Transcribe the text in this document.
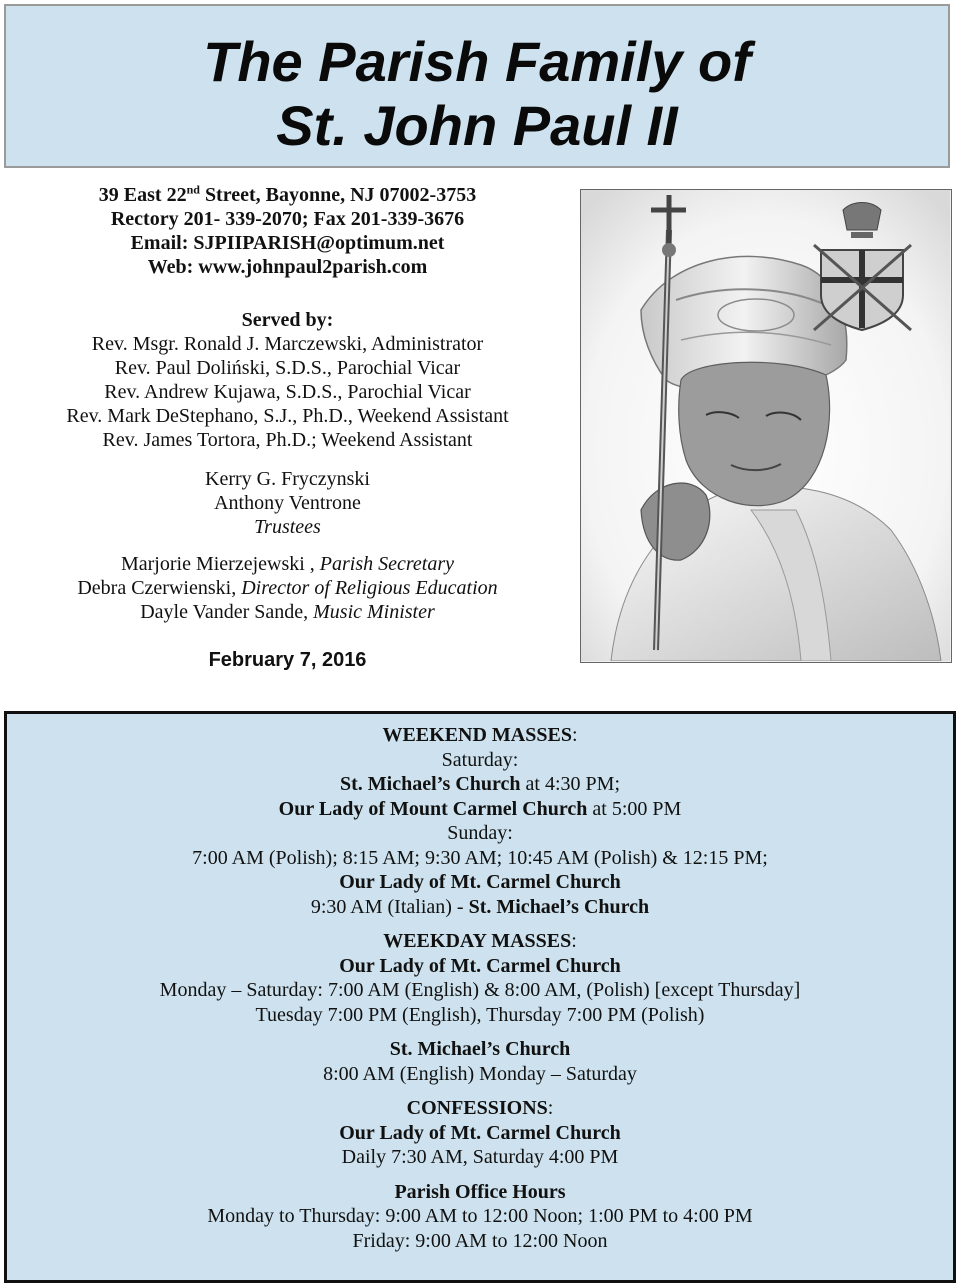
The Parish Family of
St. John Paul II
39 East 22nd Street, Bayonne, NJ 07002-3753
Rectory 201- 339-2070; Fax 201-339-3676
Email: SJPIIPARISH@optimum.net
Web: www.johnpaul2parish.com
Served by:
Rev. Msgr. Ronald J. Marczewski, Administrator
Rev. Paul Doliński, S.D.S., Parochial Vicar
Rev. Andrew Kujawa, S.D.S., Parochial Vicar
Rev. Mark DeStephano, S.J., Ph.D., Weekend Assistant
Rev. James Tortora, Ph.D.; Weekend Assistant
Kerry G. Fryczynski
Anthony Ventrone
Trustees
Marjorie Mierzejewski , Parish Secretary
Debra Czerwienski, Director of Religious Education
Dayle Vander Sande, Music Minister
February 7, 2016
WEEKEND MASSES:
Saturday:
St. Michael’s Church at 4:30 PM;
Our Lady of Mount Carmel Church at 5:00 PM
Sunday:
7:00 AM (Polish); 8:15 AM; 9:30 AM; 10:45 AM (Polish) & 12:15 PM;
Our Lady of Mt. Carmel Church
9:30 AM (Italian) - St. Michael’s Church
WEEKDAY MASSES:
Our Lady of Mt. Carmel Church
Monday – Saturday: 7:00 AM (English) & 8:00 AM, (Polish) [except Thursday]
Tuesday 7:00 PM (English), Thursday 7:00 PM (Polish)
St. Michael’s Church
8:00 AM (English) Monday – Saturday
CONFESSIONS:
Our Lady of Mt. Carmel Church
Daily 7:30 AM, Saturday 4:00 PM
Parish Office Hours
Monday to Thursday: 9:00 AM to 12:00 Noon; 1:00 PM to 4:00 PM
Friday: 9:00 AM to 12:00 Noon
